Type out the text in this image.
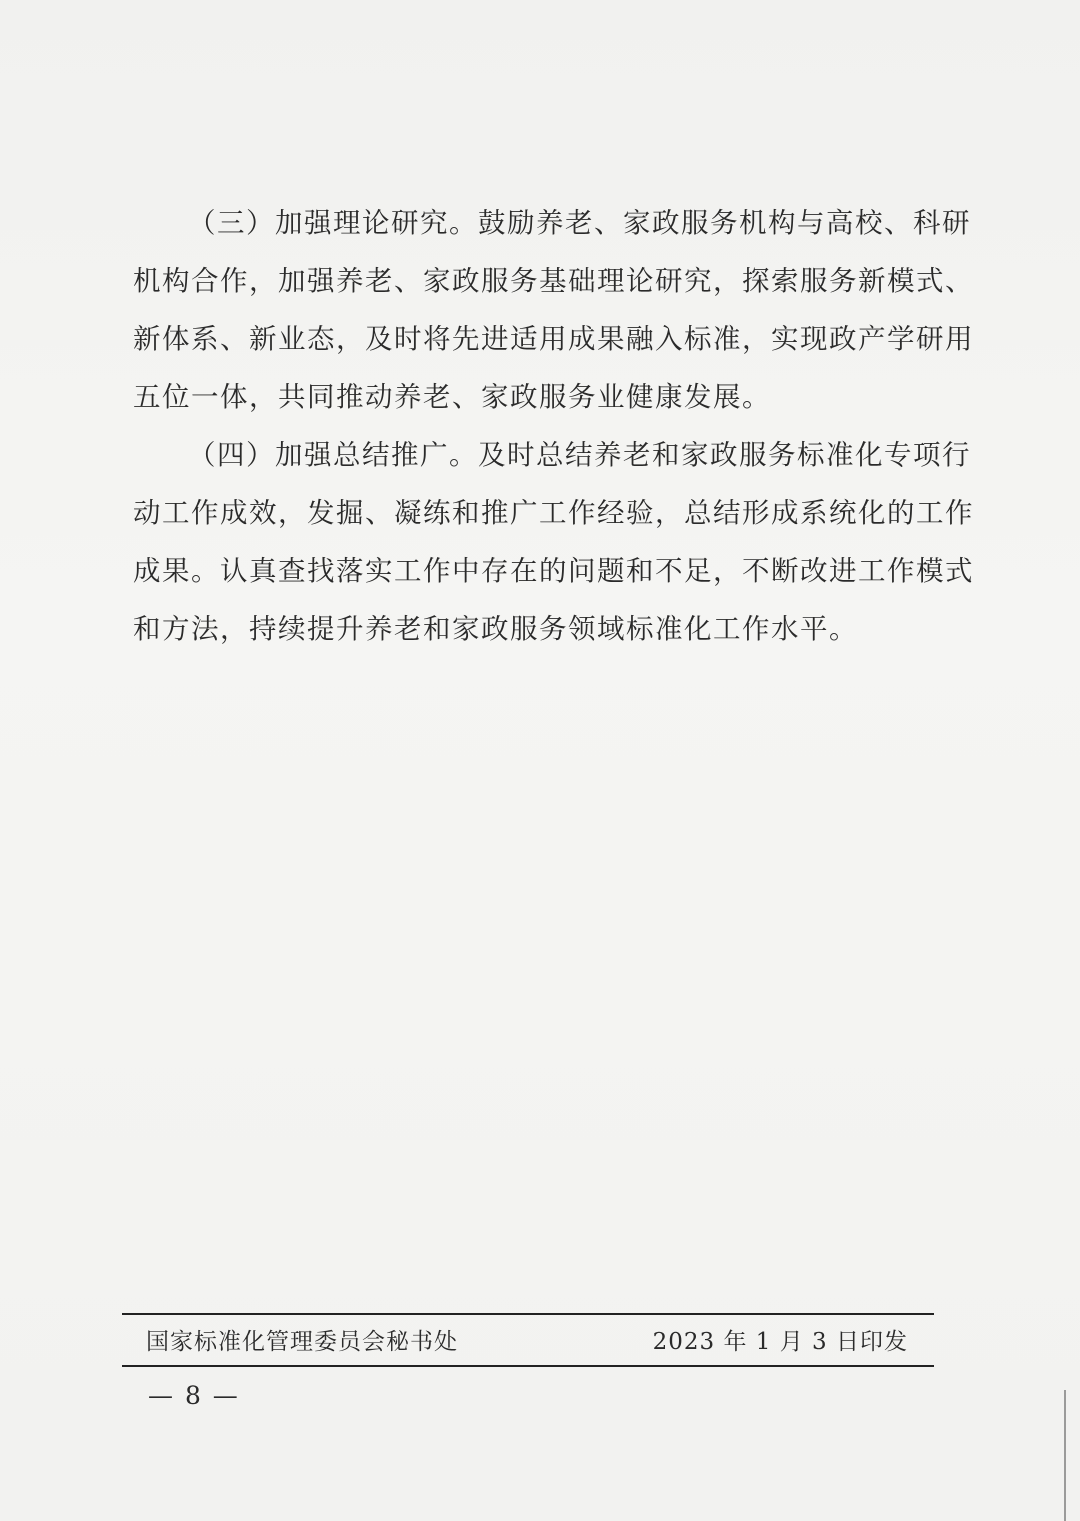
（三）加强理论研究。鼓励养老、家政服务机构与高校、科研
机构合作，加强养老、家政服务基础理论研究，探索服务新模式、
新体系、新业态，及时将先进适用成果融入标准，实现政产学研用
五位一体，共同推动养老、家政服务业健康发展。

（四）加强总结推广。及时总结养老和家政服务标准化专项行
动工作成效，发掘、凝练和推广工作经验，总结形成系统化的工作
成果。认真查找落实工作中存在的问题和不足，不断改进工作模式
和方法，持续提升养老和家政服务领域标准化工作水平。

国家标准化管理委员会秘书处	2023 年 1 月 3 日印发
— 8 —
